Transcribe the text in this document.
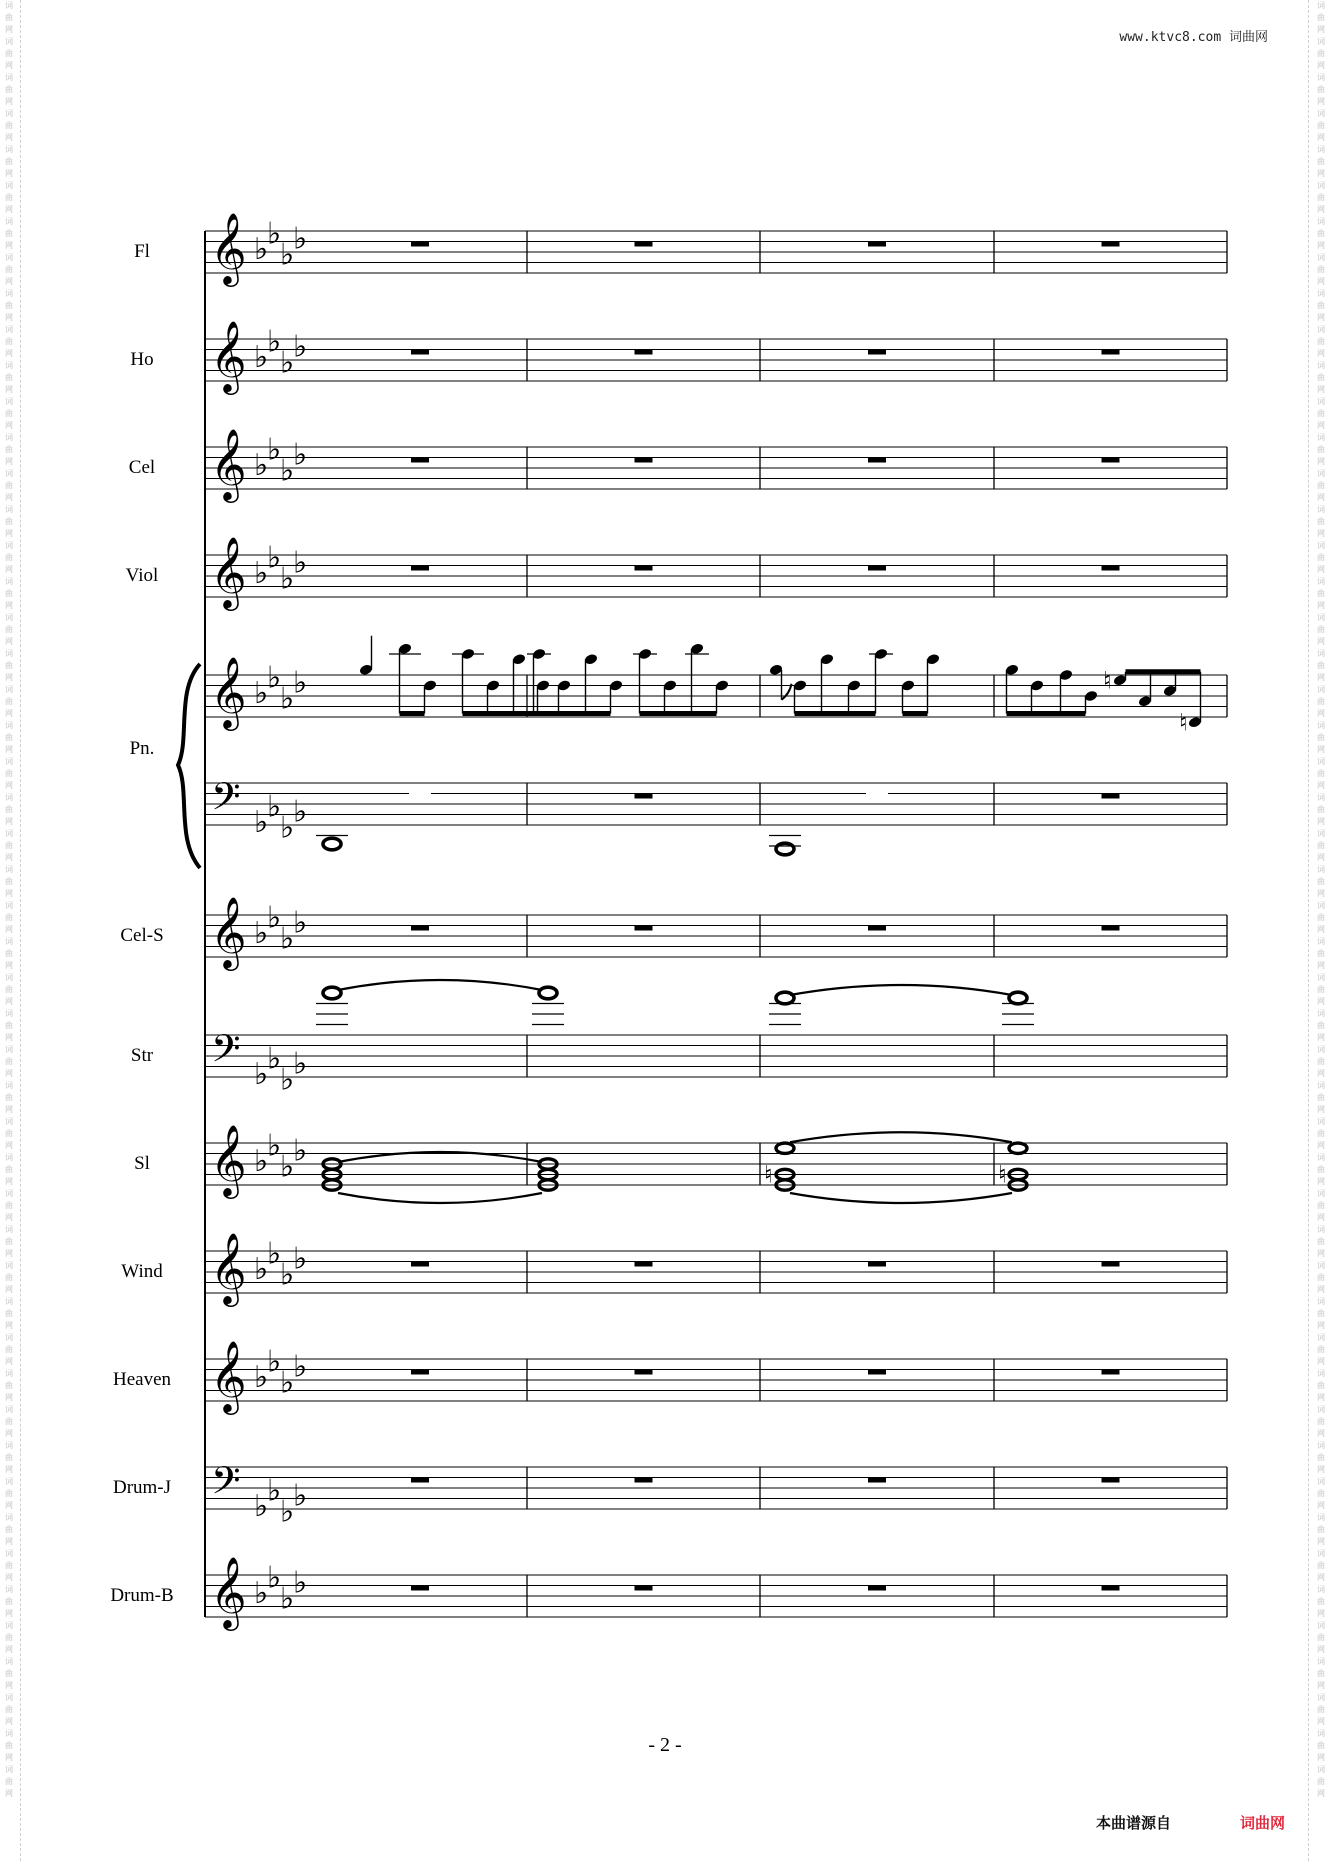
词曲网词曲网词曲网词曲网词曲网词曲网词曲网词曲网词曲网词曲网词曲网词曲网词曲网词曲网词曲网词曲网词曲网词曲网词曲网词曲网词曲网词曲网词曲网词曲网词曲网词曲网词曲网词曲网词曲网词曲网词曲网词曲网词曲网词曲网词曲网词曲网词曲网词曲网词曲网词曲网词曲网词曲网词曲网词曲网词曲网词曲网词曲网词曲网词曲网词曲网
词曲网词曲网词曲网词曲网词曲网词曲网词曲网词曲网词曲网词曲网词曲网词曲网词曲网词曲网词曲网词曲网词曲网词曲网词曲网词曲网词曲网词曲网词曲网词曲网词曲网词曲网词曲网词曲网词曲网词曲网词曲网词曲网词曲网词曲网词曲网词曲网词曲网词曲网词曲网词曲网词曲网词曲网词曲网词曲网词曲网词曲网词曲网词曲网词曲网词曲网
www.ktvc8.com 词曲网
Fl 𝄞 ♭
♭
♭
♭
Ho 𝄞 ♭
♭
♭
♭
Cel 𝄞 ♭
♭
♭
♭
Viol 𝄞 ♭
♭
♭
♭
Pn.
𝄞 ♭
♭
♭
♭
𝄢 ♭
♭
♭
♭
Cel-S 𝄞 ♭
♭
♭
♭
Str 𝄢 ♭
♭
♭
♭
Sl 𝄞 ♭
♭
♭
♭
Wind 𝄞 ♭
♭
♭
♭
Heaven 𝄞 ♭
♭
♭
♭
Drum-J 𝄢 ♭
♭
♭
♭
Drum-B 𝄞 ♭
♭
♭
♭
♮
♮
♮	♮
- 2 -
本曲谱源自	词曲网
